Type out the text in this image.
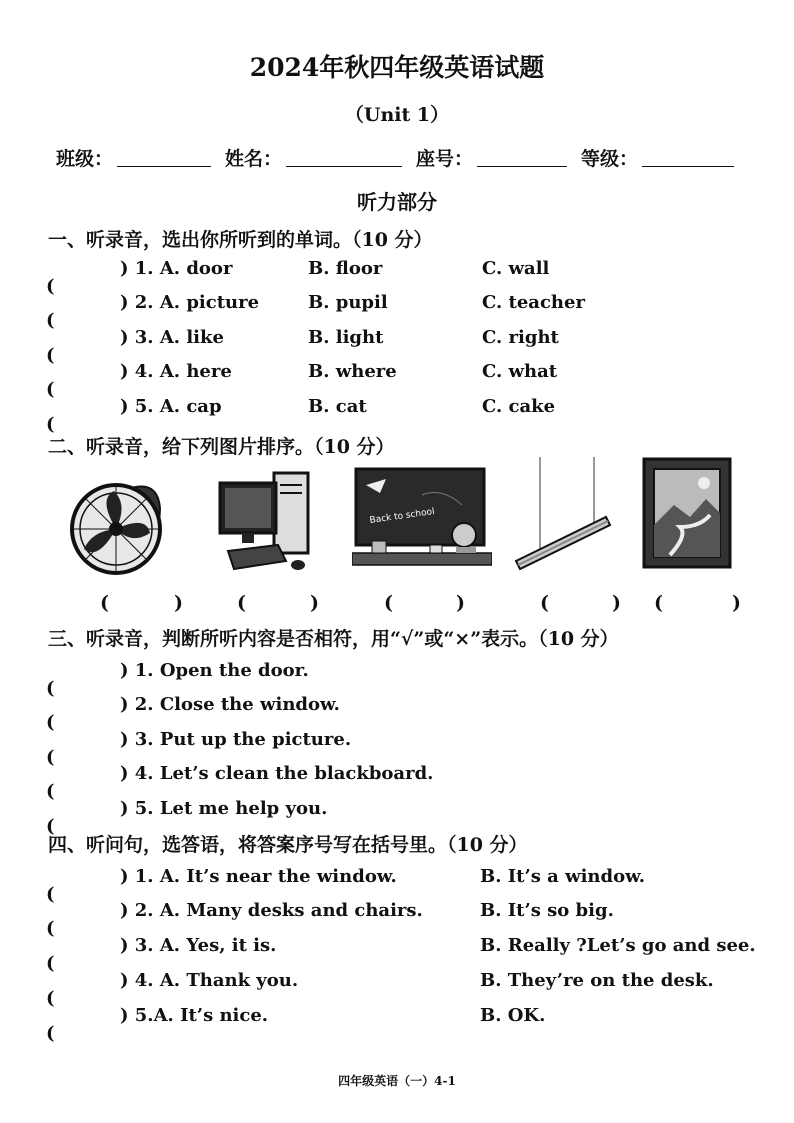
2024年秋四年级英语试题
（Unit 1）
班级：	姓名：	座号：	等级：
听力部分
一、听录音，选出你所听到的单词。（10 分）
(
) 1. A. door	B. floor	C. wall
(
) 2. A. picture	B. pupil	C. teacher
(
) 3. A. like	B. light	C. right
(
) 4. A. here	B. where	C. what
(
) 5. A. cap	B. cat	C. cake
二、听录音，给下列图片排序。（10 分）
Back to school
(	)	(	)	(	)	(	) (	)
三、听录音，判断所听内容是否相符，用“√”或“×”表示。（10 分）
(
) 1. Open the door.
(
) 2. Close the window.
(
) 3. Put up the picture.
(
) 4. Let’s clean the blackboard.
(
) 5. Let me help you.
四、听问句，选答语，将答案序号写在括号里。（10 分）
(
) 1. A. It’s near the window.	B. It’s a window.
(
) 2. A. Many desks and chairs.	B. It’s so big.
(
) 3. A. Yes, it is.	B. Really ?Let’s go and see.
(
) 4. A. Thank you.	B. They’re on the desk.
(
) 5.A. It’s nice.	B. OK.
四年级英语（一）4-1
